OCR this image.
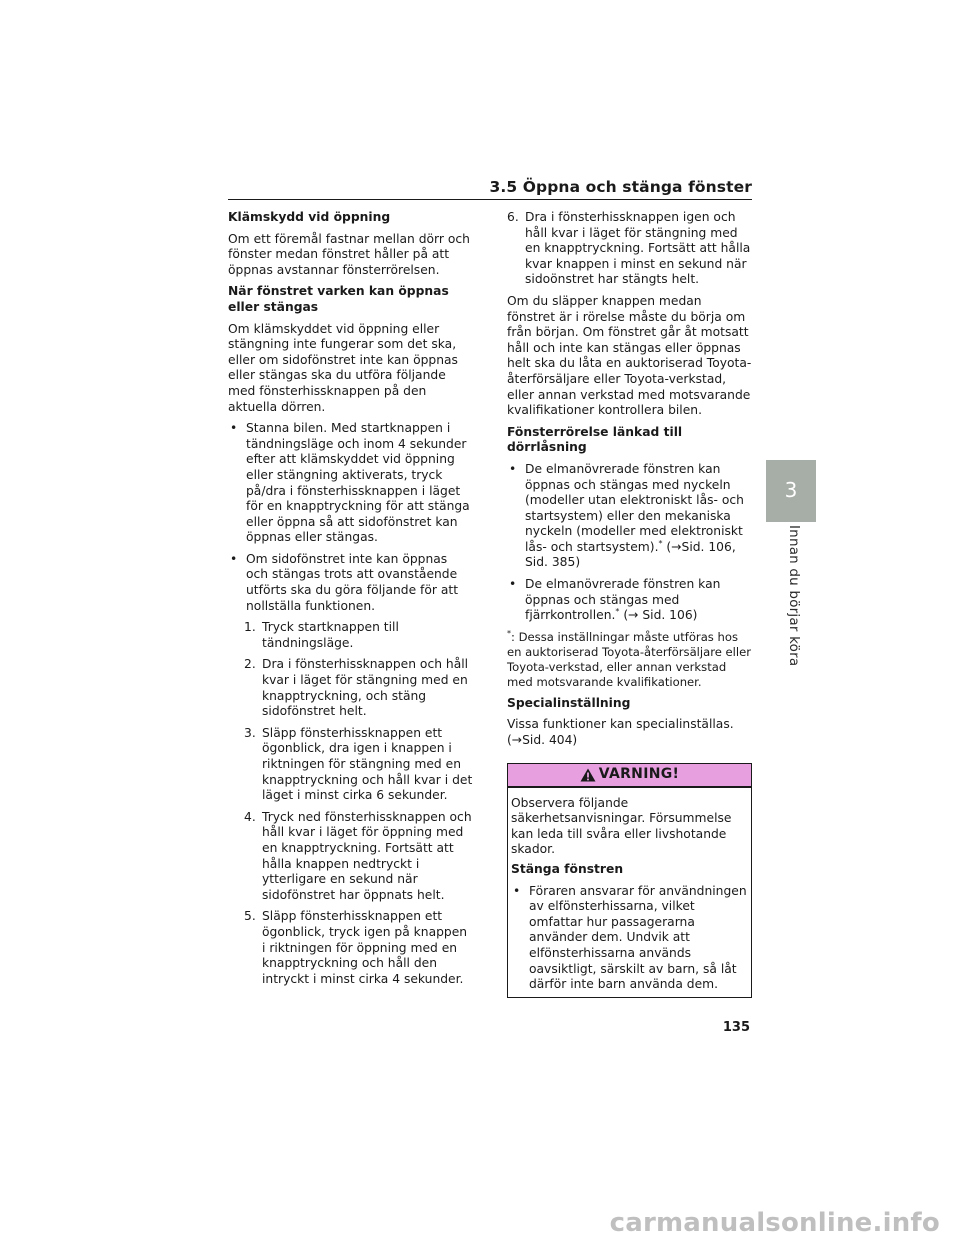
3.5 Öppna och stänga fönster
3
Innan du börjar köra

Klämskydd vid öppning

Om ett föremål fastnar mellan dörr och fönster medan fönstret håller på att öppnas avstannar fönsterrörelsen.

När fönstret varken kan öppnas eller stängas

Om klämskyddet vid öppning eller stängning inte fungerar som det ska, eller om sidofönstret inte kan öppnas eller stängas ska du utföra följande med fönsterhissknappen på den aktuella dörren.

• Stanna bilen. Med startknappen i tändningsläge och inom 4 sekunder efter att klämskyddet vid öppning eller stängning aktiverats, tryck på/dra i fönsterhissknappen i läget för en knapptryckning för att stänga eller öppna så att sidofönstret kan öppnas eller stängas.
• Om sidofönstret inte kan öppnas och stängas trots att ovanstående utförts ska du göra följande för att nollställa funktionen.
1. Tryck startknappen till tändningsläge.
2. Dra i fönsterhissknappen och håll kvar i läget för stängning med en knapptryckning, och stäng sidofönstret helt.
3. Släpp fönsterhissknappen ett ögonblick, dra igen i knappen i riktningen för stängning med en knapptryckning och håll kvar i det läget i minst cirka 6 sekunder.
4. Tryck ned fönsterhissknappen och håll kvar i läget för öppning med en knapptryckning. Fortsätt att hålla knappen nedtryckt i ytterligare en sekund när sidofönstret har öppnats helt.
5. Släpp fönsterhissknappen ett ögonblick, tryck igen på knappen i riktningen för öppning med en knapptryckning och håll den intryckt i minst cirka 4 sekunder.
6. Dra i fönsterhissknappen igen och håll kvar i läget för stängning med en knapptryckning. Fortsätt att hålla kvar knappen i minst en sekund när sidoönstret har stängts helt.

Om du släpper knappen medan fönstret är i rörelse måste du börja om från början. Om fönstret går åt motsatt håll och inte kan stängas eller öppnas helt ska du låta en auktoriserad Toyota-återförsäljare eller Toyota-verkstad, eller annan verkstad med motsvarande kvalifikationer kontrollera bilen.

Fönsterrörelse länkad till dörrlåsning

• De elmanövrerade fönstren kan öppnas och stängas med nyckeln (modeller utan elektroniskt lås- och startsystem) eller den mekaniska nyckeln (modeller med elektroniskt lås- och startsystem).* (→Sid. 106, Sid. 385)
• De elmanövrerade fönstren kan öppnas och stängas med fjärrkontrollen.* (→ Sid. 106)

*: Dessa inställningar måste utföras hos en auktoriserad Toyota-återförsäljare eller Toyota-verkstad, eller annan verkstad med motsvarande kvalifikationer.

Specialinställning

Vissa funktioner kan specialinställas. (→Sid. 404)

VARNING!

Observera följande säkerhetsanvisningar. Försummelse kan leda till svåra eller livshotande skador.

Stänga fönstren

• Föraren ansvarar för användningen av elfönsterhissarna, vilket omfattar hur passagerarna använder dem. Undvik att elfönsterhissarna används oavsiktligt, särskilt av barn, så låt därför inte barn använda dem.
135
carmanualsonline.info
